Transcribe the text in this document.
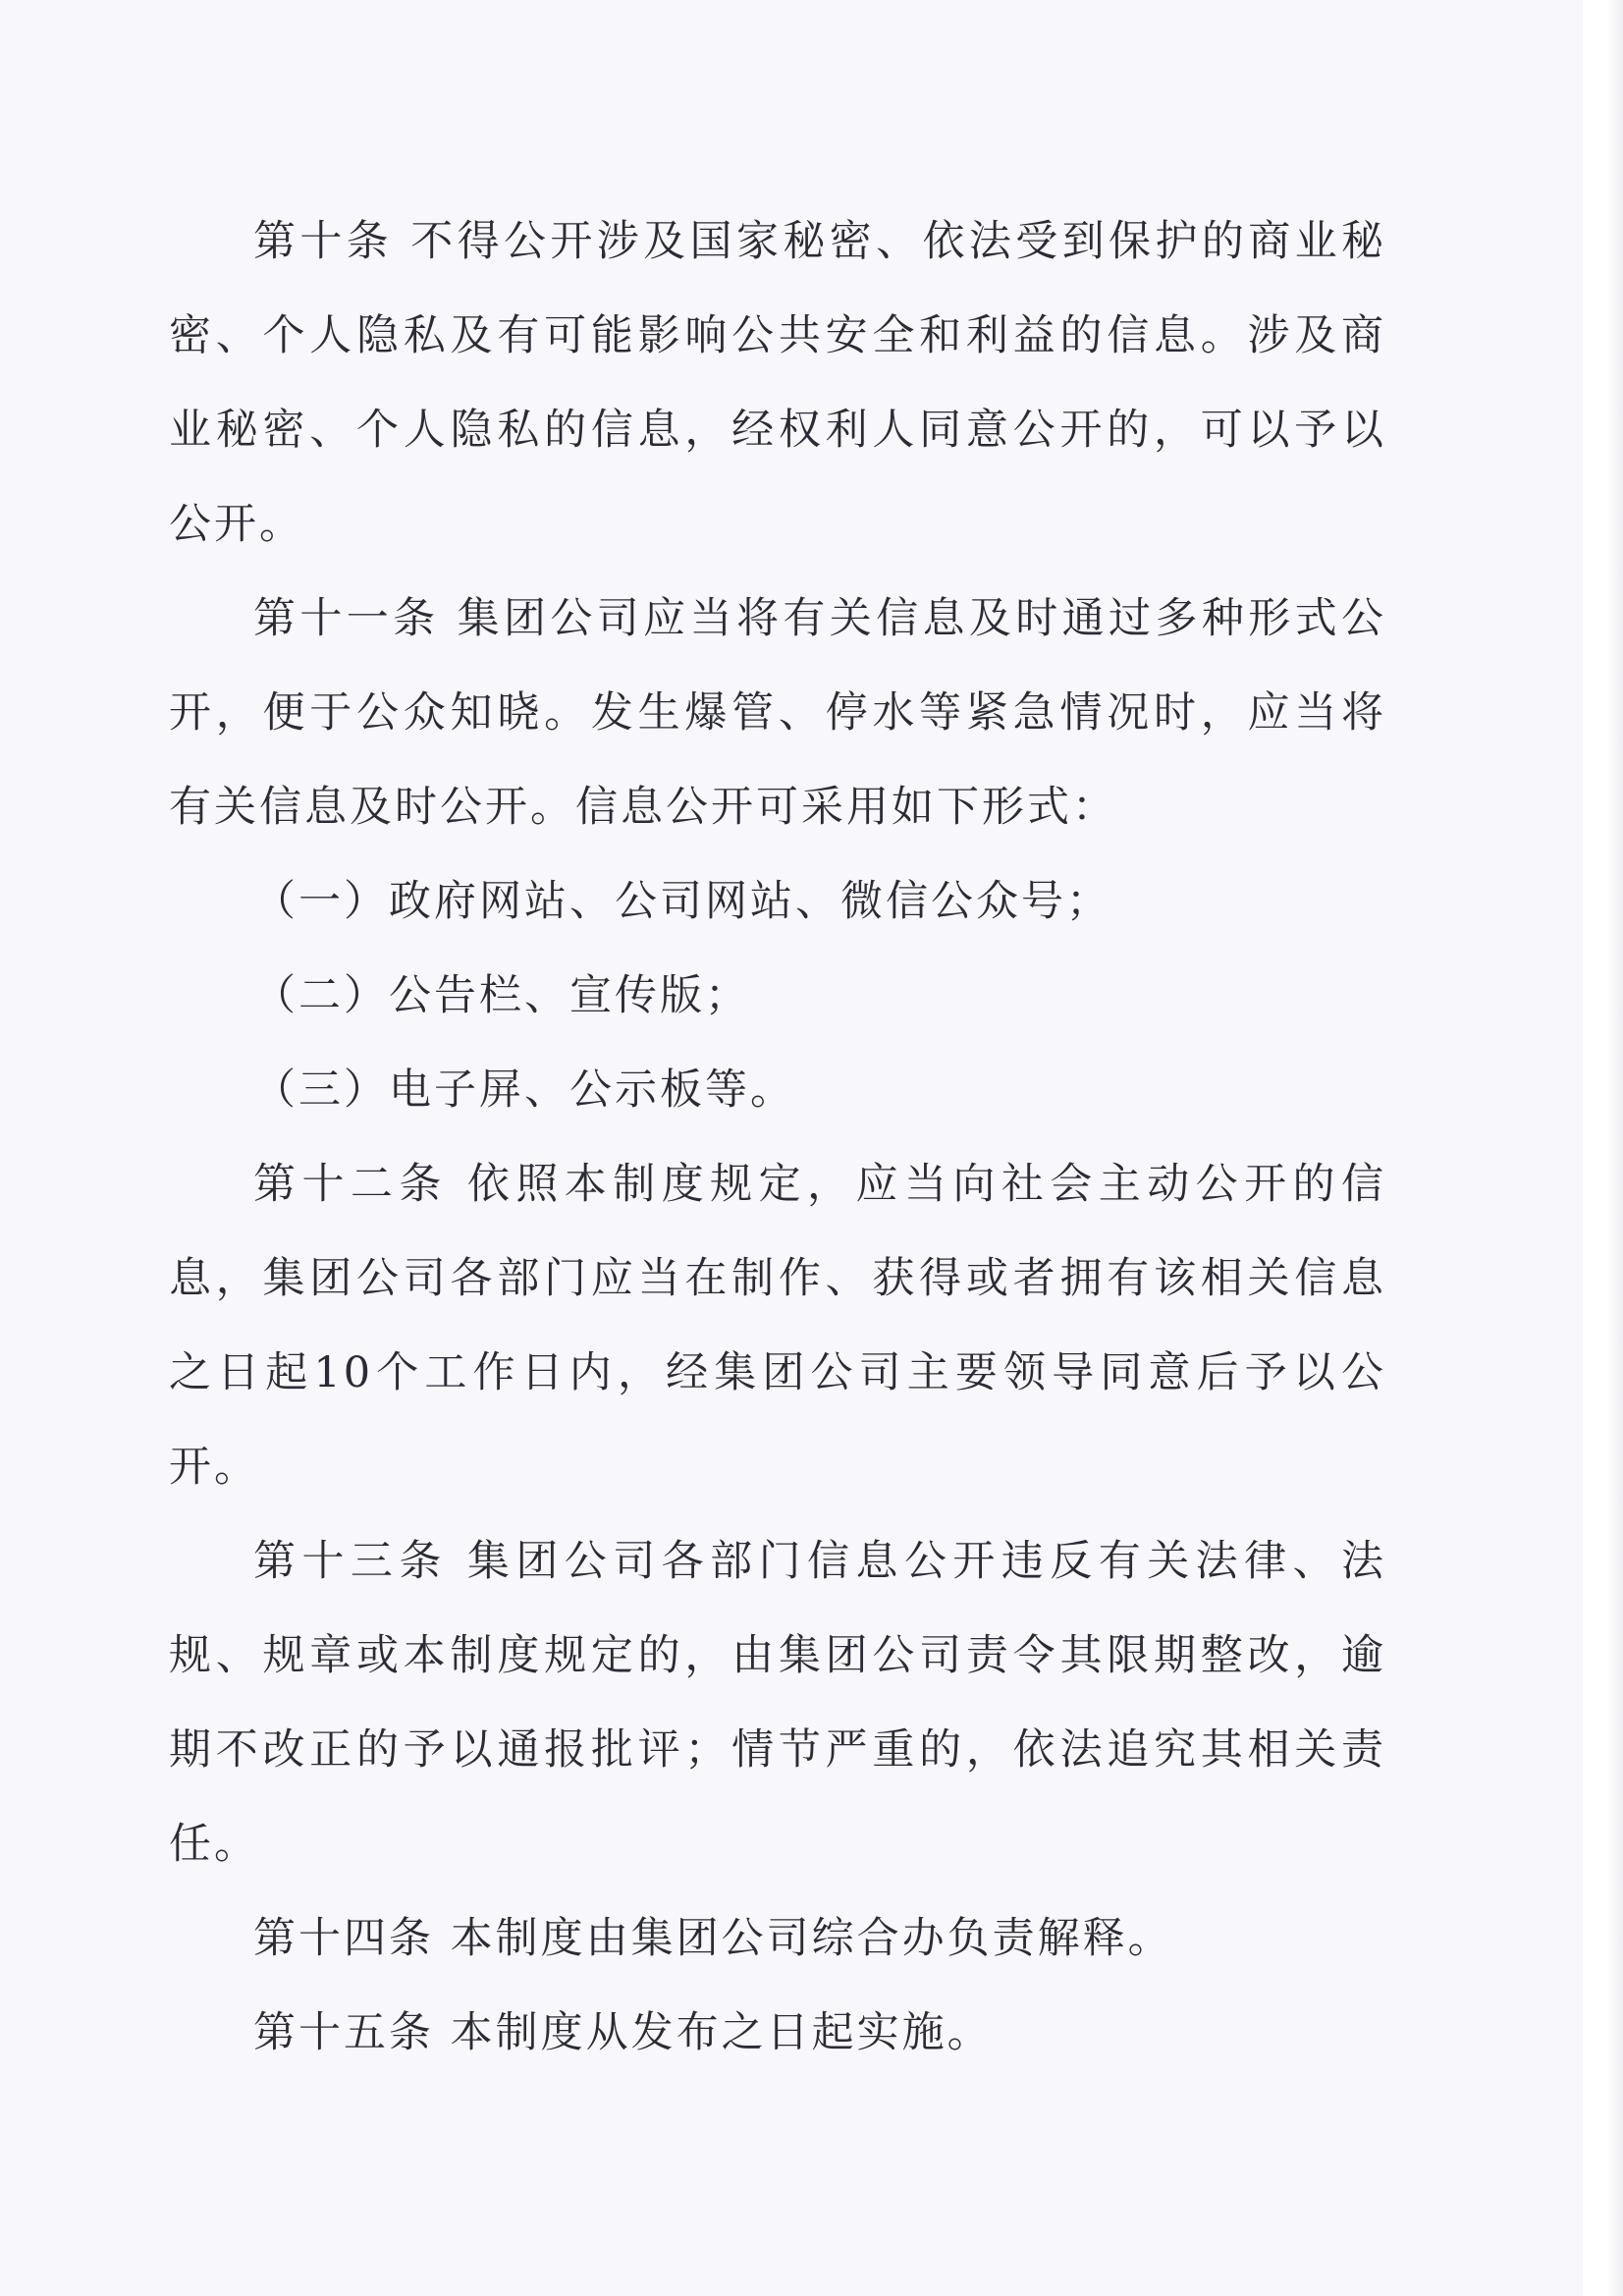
第十条 不得公开涉及国家秘密、依法受到保护的商业秘密、个人隐私及有可能影响公共安全和利益的信息。涉及商业秘密、个人隐私的信息，经权利人同意公开的，可以予以公开。

第十一条 集团公司应当将有关信息及时通过多种形式公开，便于公众知晓。发生爆管、停水等紧急情况时，应当将有关信息及时公开。信息公开可采用如下形式：

（一）政府网站、公司网站、微信公众号；

（二）公告栏、宣传版；

（三）电子屏、公示板等。

第十二条 依照本制度规定，应当向社会主动公开的信息，集团公司各部门应当在制作、获得或者拥有该相关信息之日起10个工作日内，经集团公司主要领导同意后予以公开。

第十三条 集团公司各部门信息公开违反有关法律、法规、规章或本制度规定的，由集团公司责令其限期整改，逾期不改正的予以通报批评；情节严重的，依法追究其相关责任。

第十四条 本制度由集团公司综合办负责解释。

第十五条 本制度从发布之日起实施。
